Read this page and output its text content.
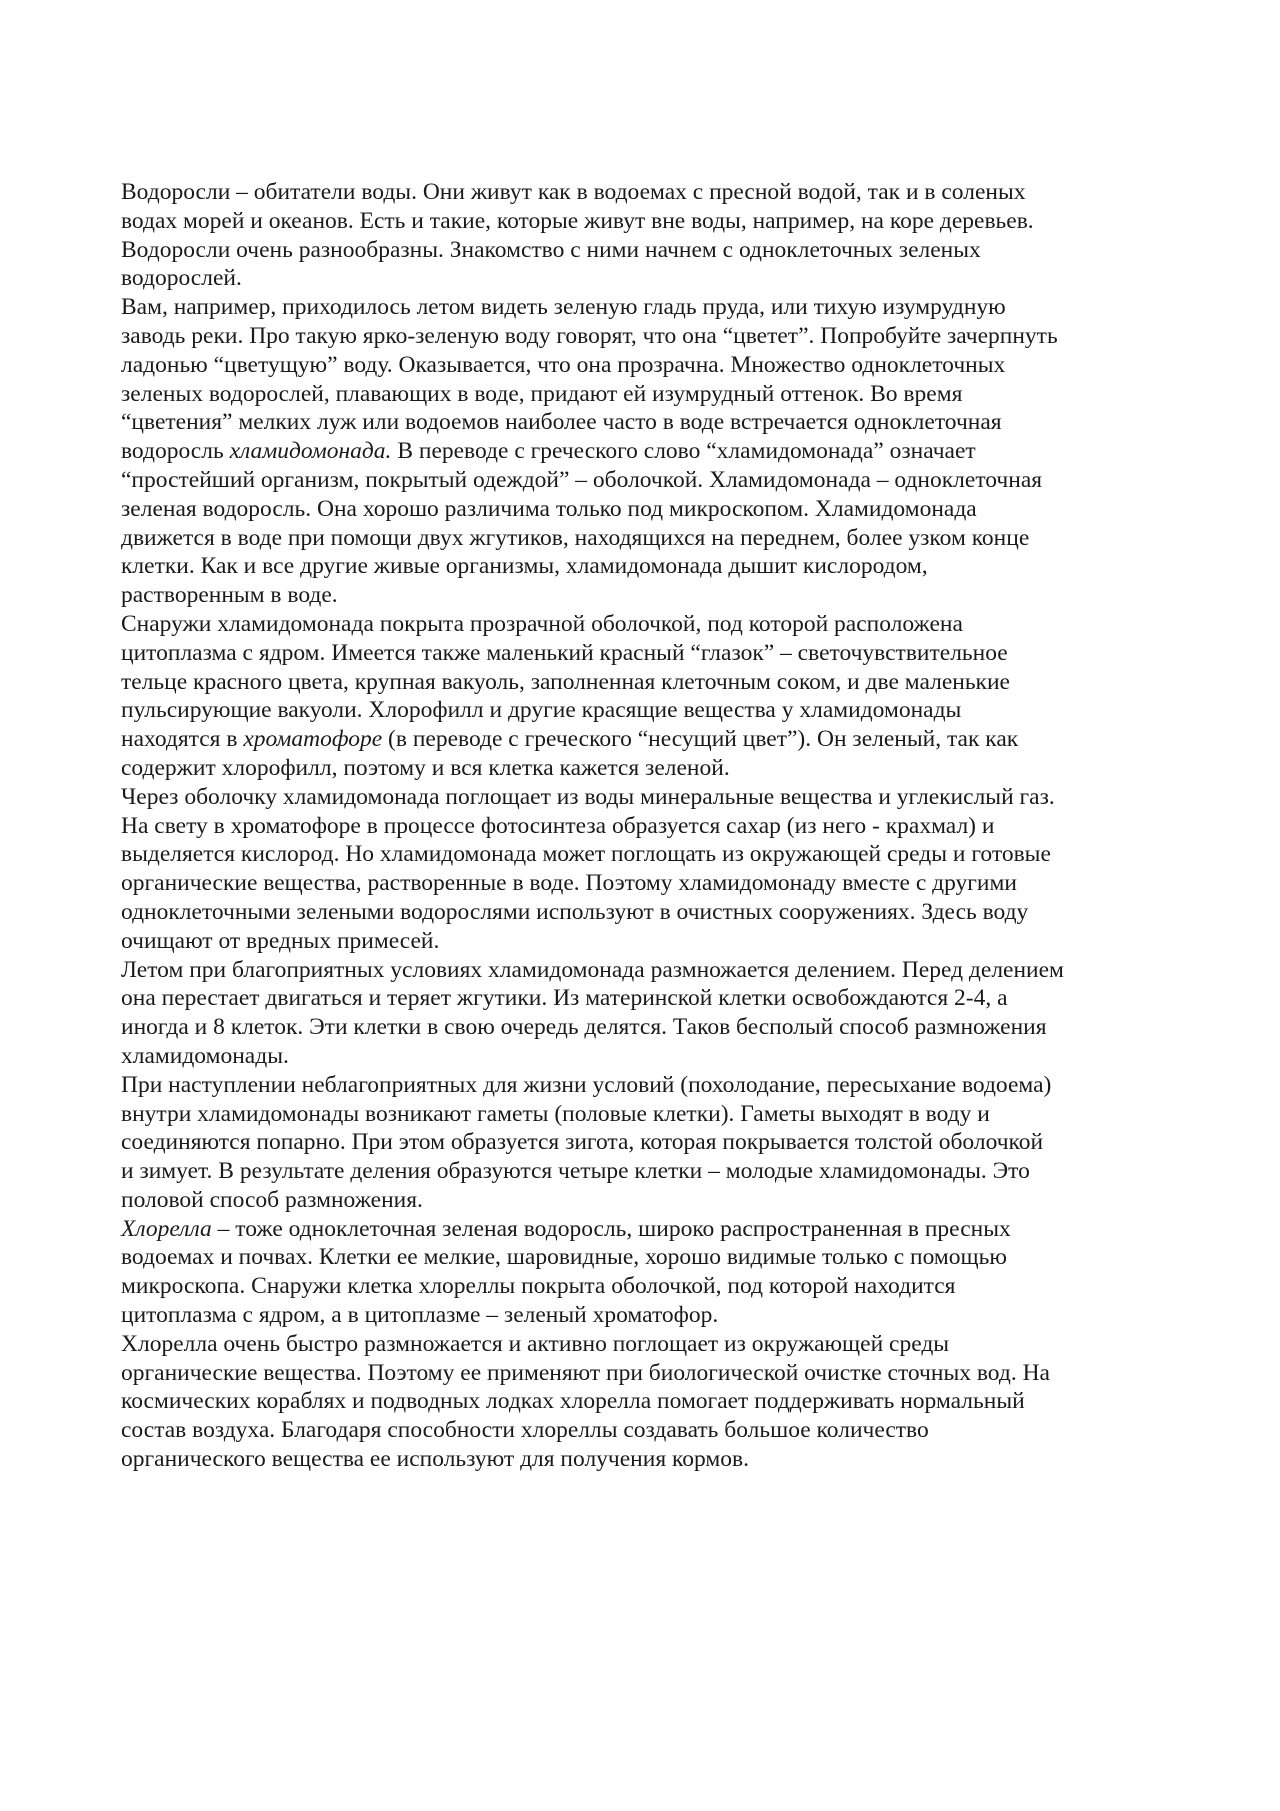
Водоросли – обитатели воды. Они живут как в водоемах с пресной водой, так и в соленых
водах морей и океанов. Есть и такие, которые живут вне воды, например, на коре деревьев.
Водоросли очень разнообразны. Знакомство с ними начнем с одноклеточных зеленых
водорослей.

Вам, например, приходилось летом видеть зеленую гладь пруда, или тихую изумрудную
заводь реки. Про такую ярко-зеленую воду говорят, что она “цветет”. Попробуйте зачерпнуть
ладонью “цветущую” воду. Оказывается, что она прозрачна. Множество одноклеточных
зеленых водорослей, плавающих в воде, придают ей изумрудный оттенок. Во время
“цветения” мелких луж или водоемов наиболее часто в воде встречается одноклеточная
водоросль хламидомонада. В переводе с греческого слово “хламидомонада” означает
“простейший организм, покрытый одеждой” – оболочкой. Хламидомонада – одноклеточная
зеленая водоросль. Она хорошо различима только под микроскопом. Хламидомонада
движется в воде при помощи двух жгутиков, находящихся на переднем, более узком конце
клетки. Как и все другие живые организмы, хламидомонада дышит кислородом,
растворенным в воде.

Снаружи хламидомонада покрыта прозрачной оболочкой, под которой расположена
цитоплазма с ядром. Имеется также маленький красный “глазок” – светочувствительное
тельце красного цвета, крупная вакуоль, заполненная клеточным соком, и две маленькие
пульсирующие вакуоли. Хлорофилл и другие красящие вещества у хламидомонады
находятся в хроматофоре (в переводе с греческого “несущий цвет”). Он зеленый, так как
содержит хлорофилл, поэтому и вся клетка кажется зеленой.

Через оболочку хламидомонада поглощает из воды минеральные вещества и углекислый газ.
На свету в хроматофоре в процессе фотосинтеза образуется сахар (из него - крахмал) и
выделяется кислород. Но хламидомонада может поглощать из окружающей среды и готовые
органические вещества, растворенные в воде. Поэтому хламидомонаду вместе с другими
одноклеточными зелеными водорослями используют в очистных сооружениях. Здесь воду
очищают от вредных примесей.

Летом при благоприятных условиях хламидомонада размножается делением. Перед делением
она перестает двигаться и теряет жгутики. Из материнской клетки освобождаются 2-4, а
иногда и 8 клеток. Эти клетки в свою очередь делятся. Таков бесполый способ размножения
хламидомонады.

При наступлении неблагоприятных для жизни условий (похолодание, пересыхание водоема)
внутри хламидомонады возникают гаметы (половые клетки). Гаметы выходят в воду и
соединяются попарно. При этом образуется зигота, которая покрывается толстой оболочкой
и зимует. В результате деления образуются четыре клетки – молодые хламидомонады. Это
половой способ размножения.

Хлорелла – тоже одноклеточная зеленая водоросль, широко распространенная в пресных
водоемах и почвах. Клетки ее мелкие, шаровидные, хорошо видимые только с помощью
микроскопа. Снаружи клетка хлореллы покрыта оболочкой, под которой находится
цитоплазма с ядром, а в цитоплазме – зеленый хроматофор.

Хлорелла очень быстро размножается и активно поглощает из окружающей среды
органические вещества. Поэтому ее применяют при биологической очистке сточных вод. На
космических кораблях и подводных лодках хлорелла помогает поддерживать нормальный
состав воздуха. Благодаря способности хлореллы создавать большое количество
органического вещества ее используют для получения кормов.
